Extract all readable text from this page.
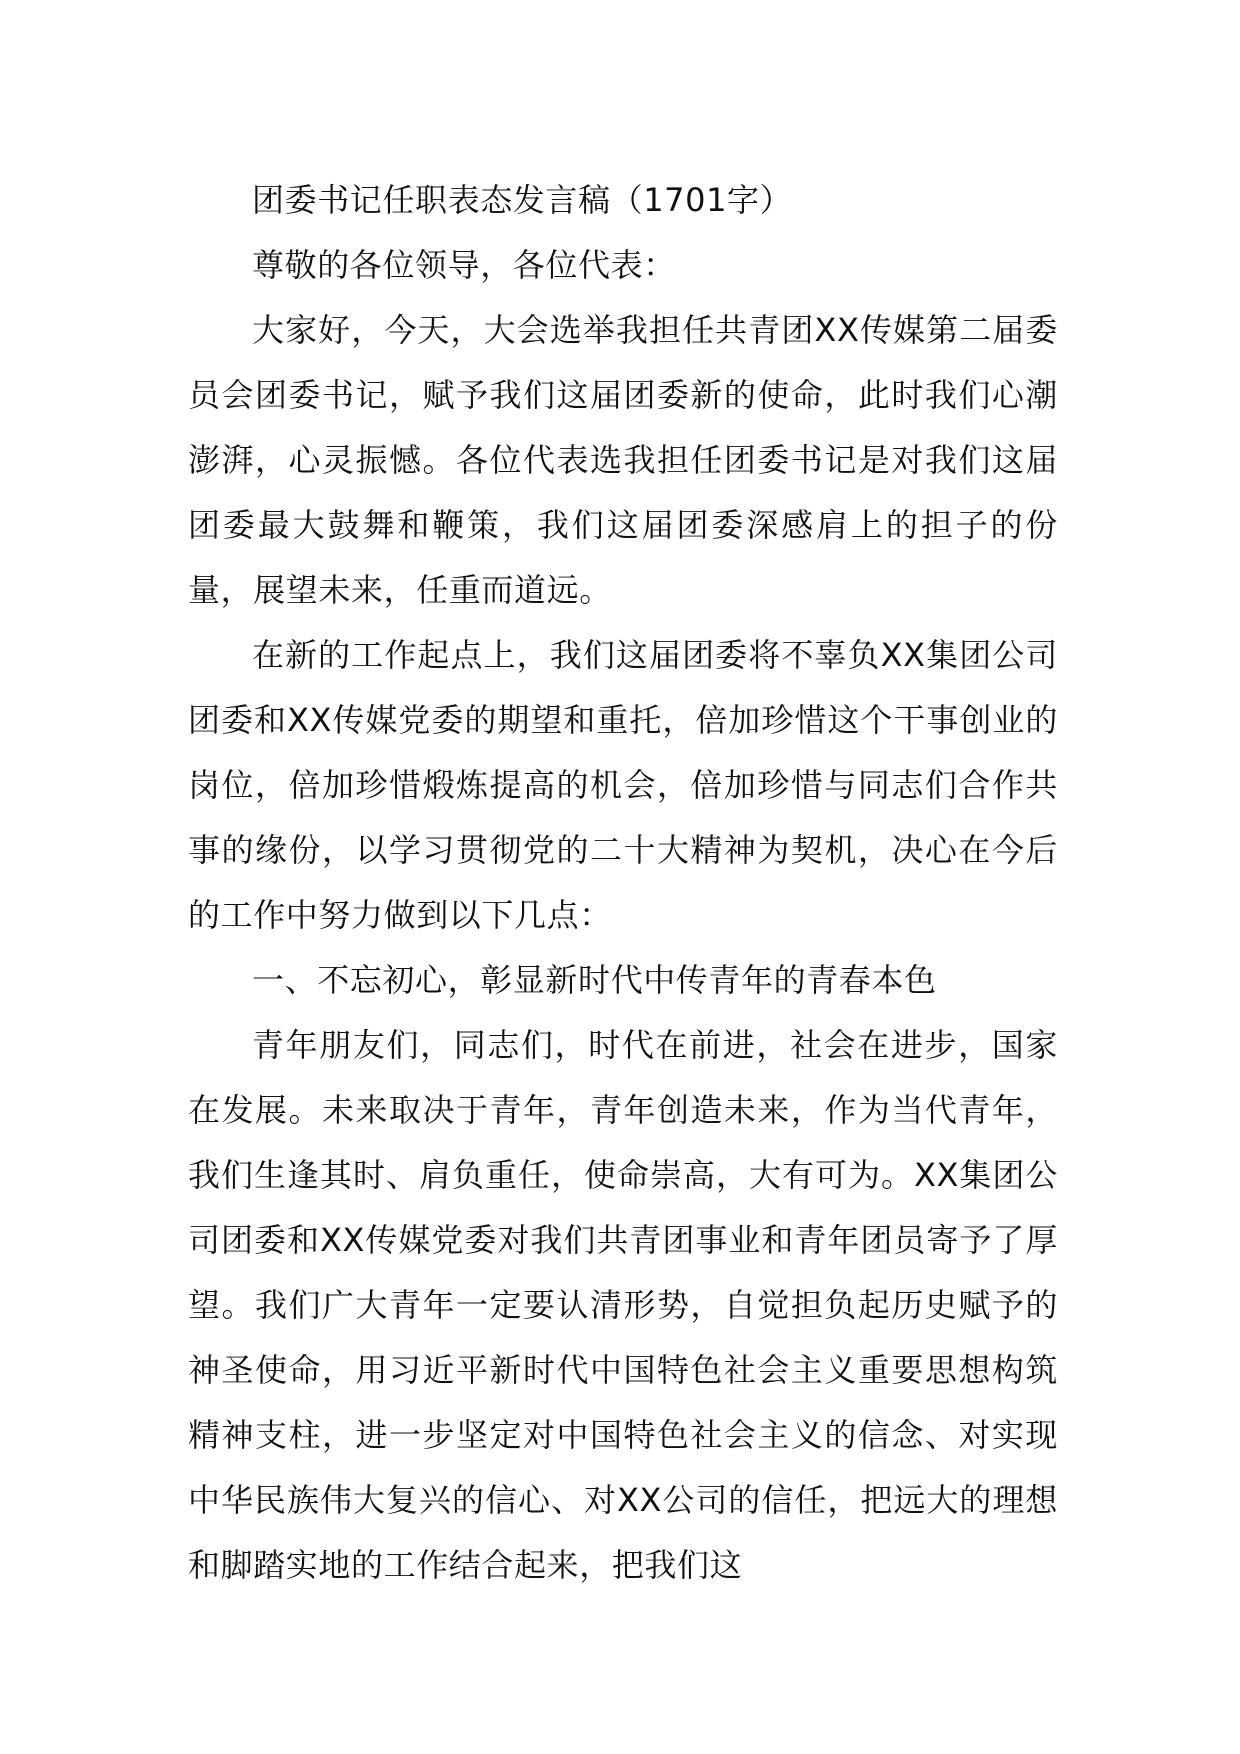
团委书记任职表态发言稿（1701字）

尊敬的各位领导，各位代表：

大家好，今天，大会选举我担任共青团XX传媒第二届委员会团委书记，赋予我们这届团委新的使命，此时我们心潮澎湃，心灵振憾。各位代表选我担任团委书记是对我们这届团委最大鼓舞和鞭策，我们这届团委深感肩上的担子的份量，展望未来，任重而道远。

在新的工作起点上，我们这届团委将不辜负XX集团公司团委和XX传媒党委的期望和重托，倍加珍惜这个干事创业的岗位，倍加珍惜煅炼提高的机会，倍加珍惜与同志们合作共事的缘份，以学习贯彻党的二十大精神为契机，决心在今后的工作中努力做到以下几点：

一、不忘初心，彰显新时代中传青年的青春本色

青年朋友们，同志们，时代在前进，社会在进步，国家在发展。未来取决于青年，青年创造未来，作为当代青年，我们生逢其时、肩负重任，使命崇高，大有可为。XX集团公司团委和XX传媒党委对我们共青团事业和青年团员寄予了厚望。我们广大青年一定要认清形势，自觉担负起历史赋予的神圣使命，用习近平新时代中国特色社会主义重要思想构筑精神支柱，进一步坚定对中国特色社会主义的信念、对实现中华民族伟大复兴的信心、对XX公司的信任，把远大的理想和脚踏实地的工作结合起来，把我们这
